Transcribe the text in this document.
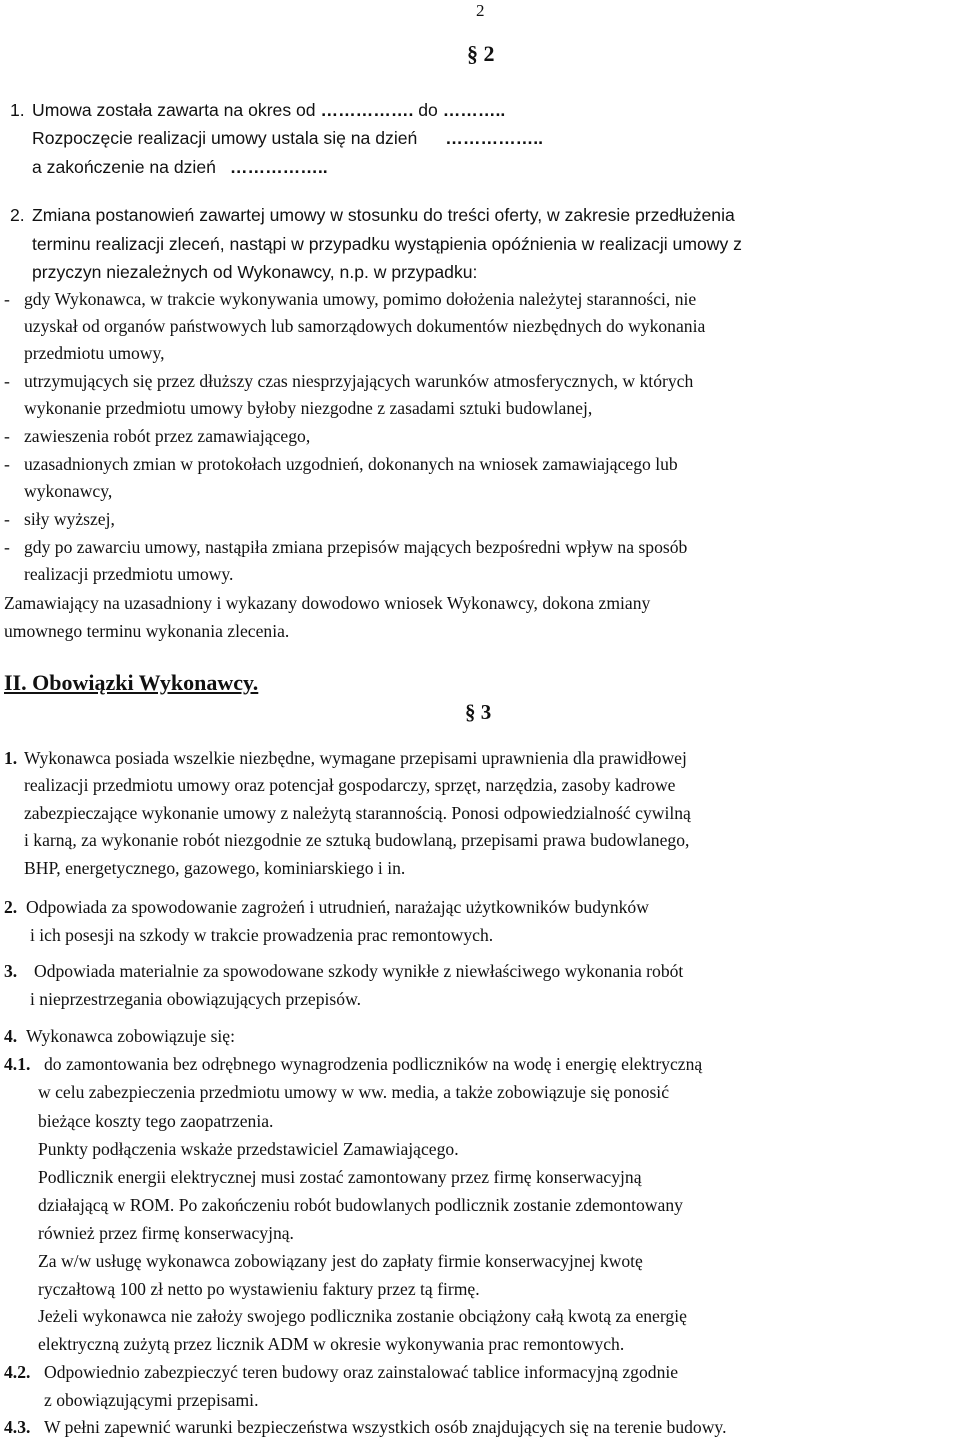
2
§ 2
1. Umowa została zawarta na okres od ……………. do ………..
Rozpoczęcie realizacji umowy ustala się na dzień ……………..
a zakończenie na dzień ……………..
2. Zmiana postanowień zawartej umowy w stosunku do treści oferty, w zakresie przedłużenia
terminu realizacji zleceń, nastąpi w przypadku wystąpienia opóźnienia w realizacji umowy z
przyczyn niezależnych od Wykonawcy, n.p. w przypadku:
- gdy Wykonawca, w trakcie wykonywania umowy, pomimo dołożenia należytej staranności, nie
uzyskał od organów państwowych lub samorządowych dokumentów niezbędnych do wykonania
przedmiotu umowy,
- utrzymujących się przez dłuższy czas niesprzyjających warunków atmosferycznych, w których
wykonanie przedmiotu umowy byłoby niezgodne z zasadami sztuki budowlanej,
- zawieszenia robót przez zamawiającego,
- uzasadnionych zmian w protokołach uzgodnień, dokonanych na wniosek zamawiającego lub
wykonawcy,
- siły wyższej,
- gdy po zawarciu umowy, nastąpiła zmiana przepisów mających bezpośredni wpływ na sposób
realizacji przedmiotu umowy.
Zamawiający na uzasadniony i wykazany dowodowo wniosek Wykonawcy, dokona zmiany
umownego terminu wykonania zlecenia.
II. Obowiązki Wykonawcy.
§ 3
1. Wykonawca posiada wszelkie niezbędne, wymagane przepisami uprawnienia dla prawidłowej
realizacji przedmiotu umowy oraz potencjał gospodarczy, sprzęt, narzędzia, zasoby kadrowe
zabezpieczające wykonanie umowy z należytą starannością. Ponosi odpowiedzialność cywilną
i karną, za wykonanie robót niezgodnie ze sztuką budowlaną, przepisami prawa budowlanego,
BHP, energetycznego, gazowego, kominiarskiego i in.
2. Odpowiada za spowodowanie zagrożeń i utrudnień, narażając użytkowników budynków
i ich posesji na szkody w trakcie prowadzenia prac remontowych.
3. Odpowiada materialnie za spowodowane szkody wynikłe z niewłaściwego wykonania robót
i nieprzestrzegania obowiązujących przepisów.
4. Wykonawca zobowiązuje się:
4.1. do zamontowania bez odrębnego wynagrodzenia podliczników na wodę i energię elektryczną
w celu zabezpieczenia przedmiotu umowy w ww. media, a także zobowiązuje się ponosić
bieżące koszty tego zaopatrzenia.
Punkty podłączenia wskaże przedstawiciel Zamawiającego.
Podlicznik energii elektrycznej musi zostać zamontowany przez firmę konserwacyjną
działającą w ROM. Po zakończeniu robót budowlanych podlicznik zostanie zdemontowany
również przez firmę konserwacyjną.
Za w/w usługę wykonawca zobowiązany jest do zapłaty firmie konserwacyjnej kwotę
ryczałtową 100 zł netto po wystawieniu faktury przez tą firmę.
Jeżeli wykonawca nie założy swojego podlicznika zostanie obciążony całą kwotą za energię
elektryczną zużytą przez licznik ADM w okresie wykonywania prac remontowych.
4.2. Odpowiednio zabezpieczyć teren budowy oraz zainstalować tablice informacyjną zgodnie
z obowiązującymi przepisami.
4.3. W pełni zapewnić warunki bezpieczeństwa wszystkich osób znajdujących się na terenie budowy.
